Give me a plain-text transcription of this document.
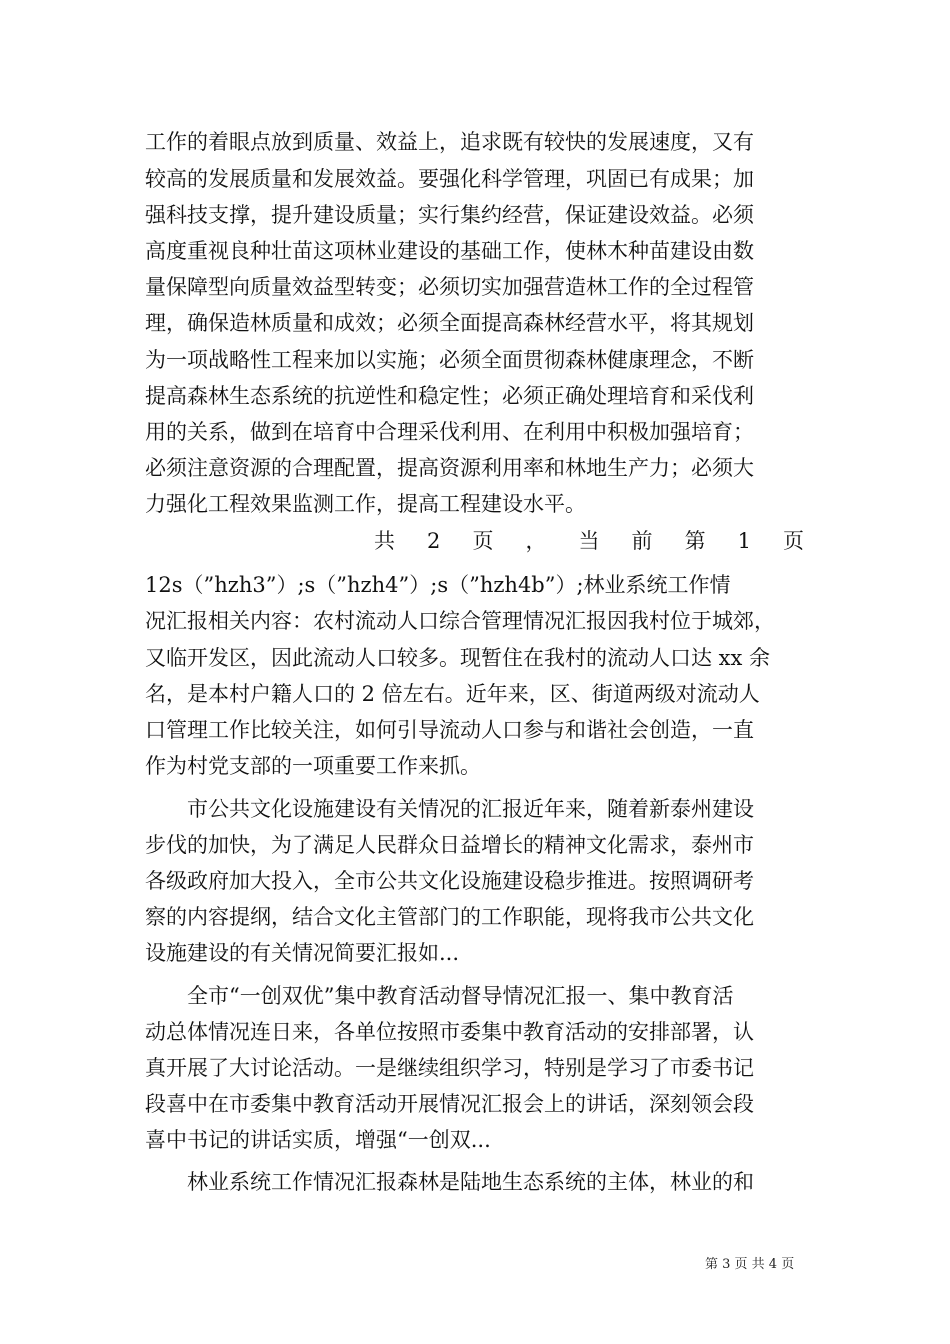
工作的着眼点放到质量、效益上，追求既有较快的发展速度，又有
较高的发展质量和发展效益。要强化科学管理，巩固已有成果；加
强科技支撑，提升建设质量；实行集约经营，保证建设效益。必须
高度重视良种壮苗这项林业建设的基础工作，使林木种苗建设由数
量保障型向质量效益型转变；必须切实加强营造林工作的全过程管
理，确保造林质量和成效；必须全面提高森林经营水平，将其规划
为一项战略性工程来加以实施；必须全面贯彻森林健康理念，不断
提高森林生态系统的抗逆性和稳定性；必须正确处理培育和采伐利
用的关系，做到在培育中合理采伐利用、在利用中积极加强培育；
必须注意资源的合理配置，提高资源利用率和林地生产力；必须大
力强化工程效果监测工作，提高工程建设水平。
共 2 页 ， 当 前 第 1 页
12s（”hzh3”）;s（”hzh4”）;s（”hzh4b”）;林业系统工作情
况汇报相关内容：农村流动人口综合管理情况汇报因我村位于城郊，
又临开发区，因此流动人口较多。现暂住在我村的流动人口达 xx 余
名，是本村户籍人口的 2 倍左右。近年来，区、街道两级对流动人
口管理工作比较关注，如何引导流动人口参与和谐社会创造，一直
作为村党支部的一项重要工作来抓。
　　市公共文化设施建设有关情况的汇报近年来，随着新泰州建设
步伐的加快，为了满足人民群众日益增长的精神文化需求，泰州市
各级政府加大投入，全市公共文化设施建设稳步推进。按照调研考
察的内容提纲，结合文化主管部门的工作职能，现将我市公共文化
设施建设的有关情况简要汇报如...
　　全市“一创双优”集中教育活动督导情况汇报一、集中教育活
动总体情况连日来，各单位按照市委集中教育活动的安排部署，认
真开展了大讨论活动。一是继续组织学习，特别是学习了市委书记
段喜中在市委集中教育活动开展情况汇报会上的讲话，深刻领会段
喜中书记的讲话实质，增强“一创双...
　　林业系统工作情况汇报森林是陆地生态系统的主体，林业的和
第 3 页 共 4 页
